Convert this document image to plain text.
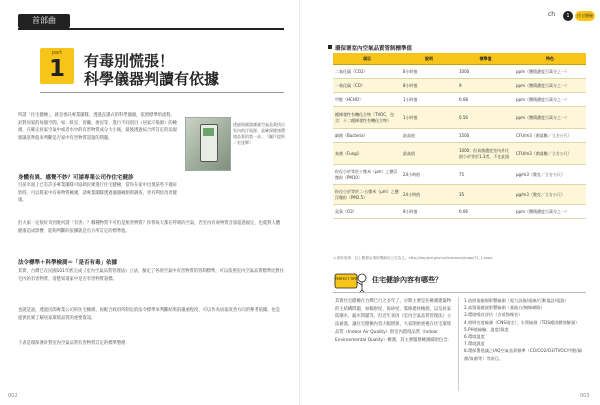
首部曲
part
1	有毒別慌張！
科學儀器判讀有依據
所謂「住宅健檢」，就是委託專業團隊，透過直讀式的科學儀器，依照標準的流程，針對居家的每個空間，如：臥室、客廳、廚房等，進行不同項目（居家汙染源）的檢測，在確定居家空氣中或者水中的有害物質成分大小後，最後透過綜合所訂定的法規建議基準值來判斷是否家中有害物質超量的問題。
透過與儀器測量空氣品質找出室內的汙染源，是確保健康環境品質的第一步。（圖片提供／宏達輝）
身體有異、感覺不妙？可請專業公司作住宅健診
目前市面上已有許多專業團隊可協助民眾進行住宅健檢，當你在家中出現某些不適症狀時，可以將家中有毒物質檢測，請專業團隊透過儀器檢測與調查，更有利於改善健康。
但大家一定很好奇到底何謂「有害」？哪種物質不可怕是無害物質？你我每天都在呼吸的空氣，若室內有毒物質含量超過規定，也就對人體健康造成影響，能夠判斷的依據就是官方所訂定的標準值。
法令標準＋科學檢測＝「是否有毒」依據
其實，台灣已在民國101年底完成《室內空氣品質管理法》立法，擬定了各項空氣中有害物質的管制標準，可以依照室內空氣品質標準比對住宅內的有害物質，清楚知道家中是否有害物質超標。
也就是說，透過民間專業公司的住宅檢測，再配合政府所制定的法令標準來判斷結果的嚴重程度，可以作為居家改善方向的參考依據，也是提供民眾了解居家環境品質的重要資訊。
下表是環保署針對室內空氣品質有害物質訂定的標準整理：
002
ch	1	住宅健檢
環保署室內空氣品質管制標準值
項目	說明	標準值	特色
二氧化碳（CO2）	8小時值	1000	ppm（體積濃度百萬分之一）
一氧化碳（CO）	8小時值	9	ppm（體積濃度百萬分之一）
甲醛（HCHO）	1小時值	0.08	ppm（體積濃度百萬分之一）
總揮發性有機化合物（TVOC，包含：十二種揮發性有機化合物）	1小時值	0.56	ppm（體積濃度百萬分之一）
細菌（Bacteria）	最高值	1500	CFU/m3（菌落數／立方公尺）
真菌（Fungi）	最高值	1000；但真菌濃度室內外比值小於等於1.3者，不在此限	CFU/m3（菌落數／立方公尺）
粒徑小於等於十微米（μm）之懸浮微粒（PM10）	24小時值	75	μg/m3（微克／立方公尺）
粒徑小於等於二‧五微米（μm）之懸浮微粒（PM2.5）	24小時值	35	μg/m3（微克／立方公尺）
臭氧（O3）	8小時值	0.06	ppm（體積濃度百萬分之一）
＊資料來源：以上數據由環保署網站公告為主。http://iaq.epa.gov.tw/indoorair/page/?1_1.aspx
PERFECT TIPS 住宅健診內容有哪些？
其實住宅健檢在台灣已行之多年了，早期主要是住檢測建築物的主結構問題，如輻射屋、海砂屋、裝修建材檢測，以及居家防潮水、漏水問題等。但近年來因《室內空氣品質管理法》立法通過，讓住宅健檢內容大幅增加，大家開始重視在住宅環境品質（Indoor Air Quality）與室內環境品質（Indoor Environmental Quality）檢測，其主要服務檢測細項包含：
1.依照電磁場影響檢測（電力設施/電線/行動電話/電器）
2.高頻電磁波影響檢測（基地台/無線網路）
3.環境噪音評估（含低頻噪音）
4.照明亮度檢測（CNS規定），水質檢測（TDS總固體溶解量）
5.PH值檢驗，溫度/濕度
6.環境溫度
7.環境濕度
8.環保署建議之IAQ空氣品質標準（CO/CO2/O3/TVOC/甲醛/細菌/真菌等）等項目。
003
